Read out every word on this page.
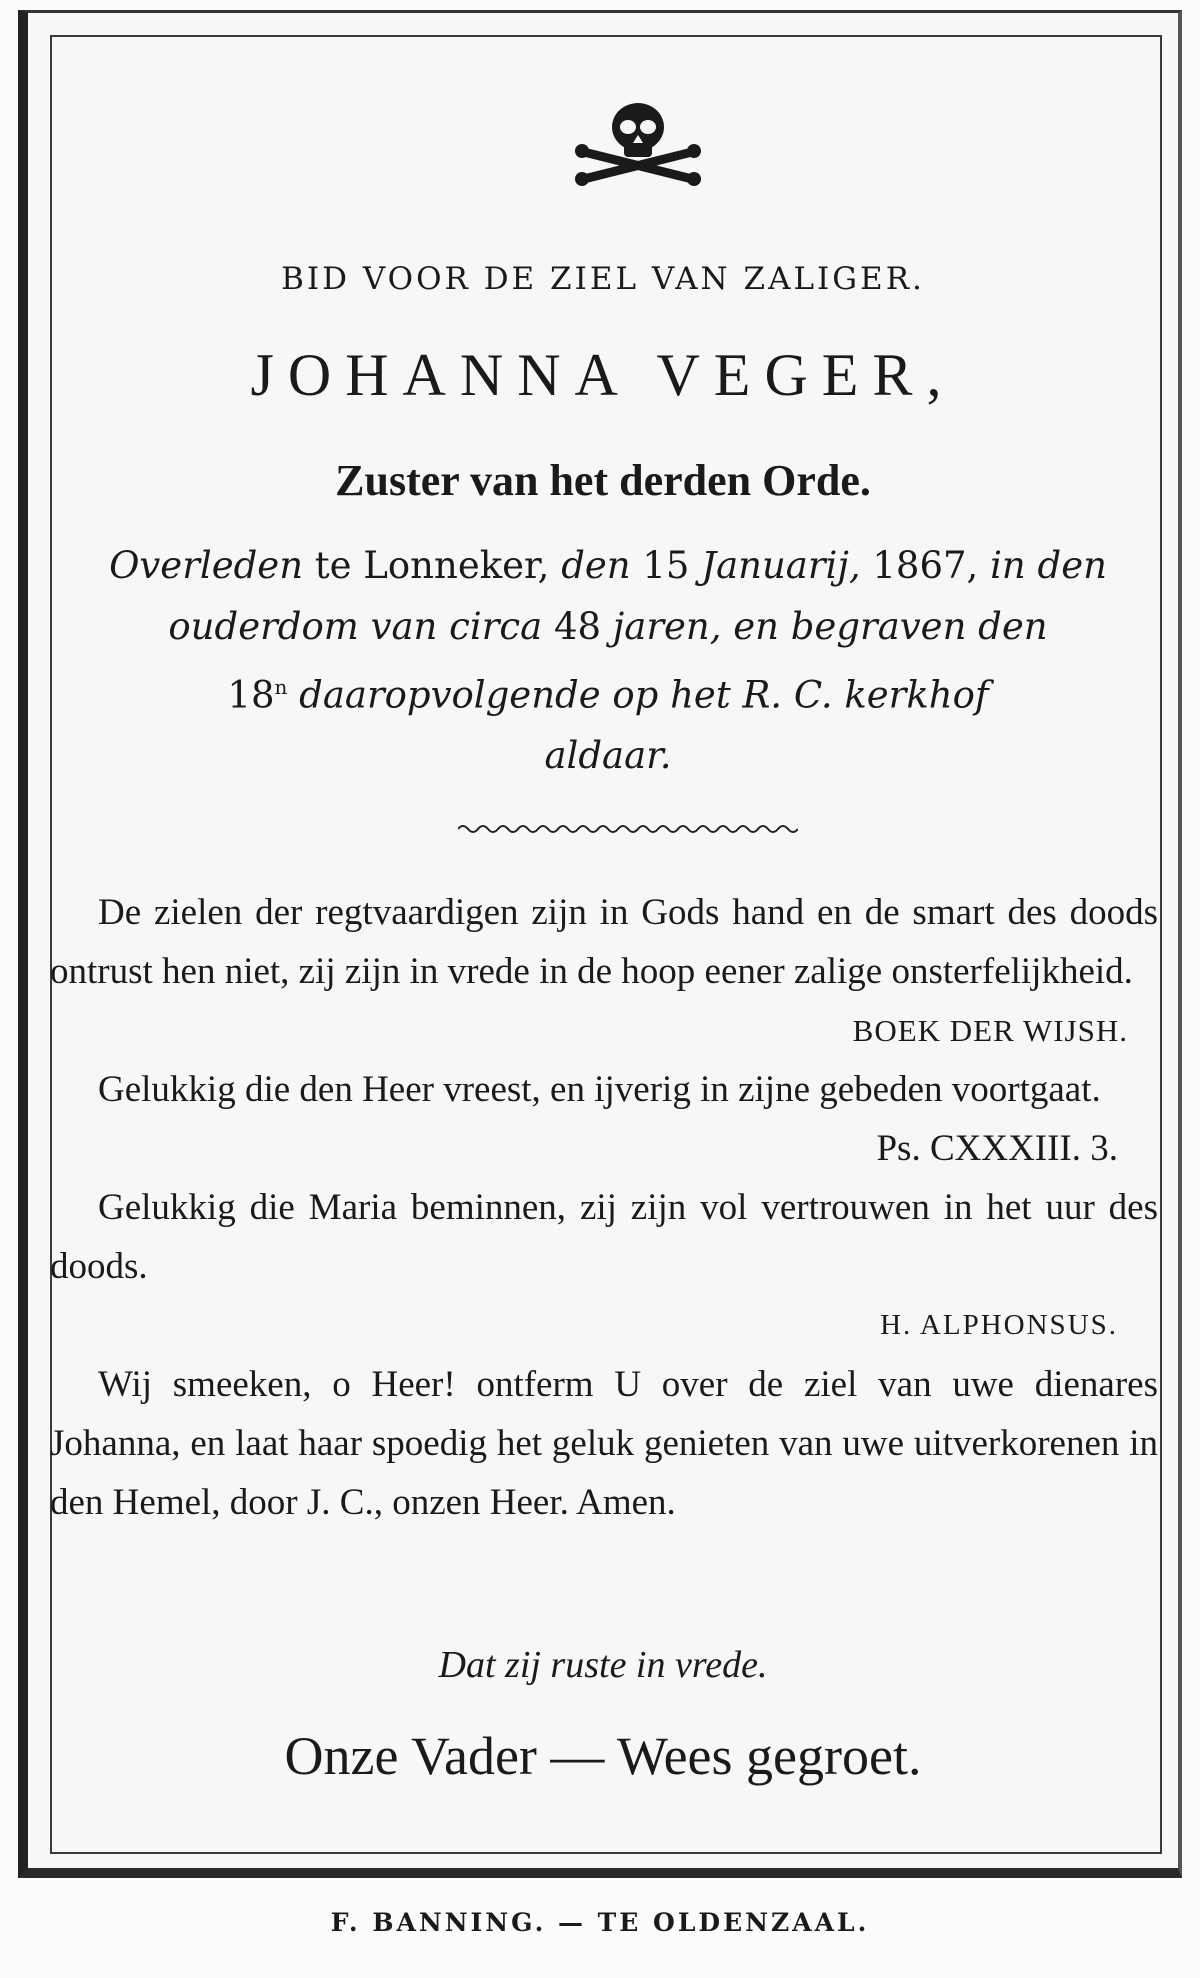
BID VOOR DE ZIEL VAN ZALIGER.
JOHANNA VEGER,
Zuster van het derden Orde.
Overleden te Lonneker, den 15 Januarij, 1867, in den
ouderdom van circa 48 jaren, en begraven den
18$^n$ daaropvolgende op het R. C. kerkhof
aldaar.

De zielen der regtvaardigen zijn in Gods hand en de smart des doods ontrust hen niet, zij zijn in vrede in de hoop eener zalige onsterfelijkheid.

BOEK DER WIJSH.

Gelukkig die den Heer vreest, en ijverig in zijne gebeden voortgaat.

Ps. CXXXIII. 3.

Gelukkig die Maria beminnen, zij zijn vol vertrouwen in het uur des doods.

H. ALPHONSUS.

Wij smeeken, o Heer! ontferm U over de ziel van uwe dienares Johanna, en laat haar spoedig het geluk genieten van uwe uitverkorenen in den Hemel, door J. C., onzen Heer. Amen.

Dat zij ruste in vrede.
Onze Vader — Wees gegroet.
F. BANNING. — TE OLDENZAAL.
